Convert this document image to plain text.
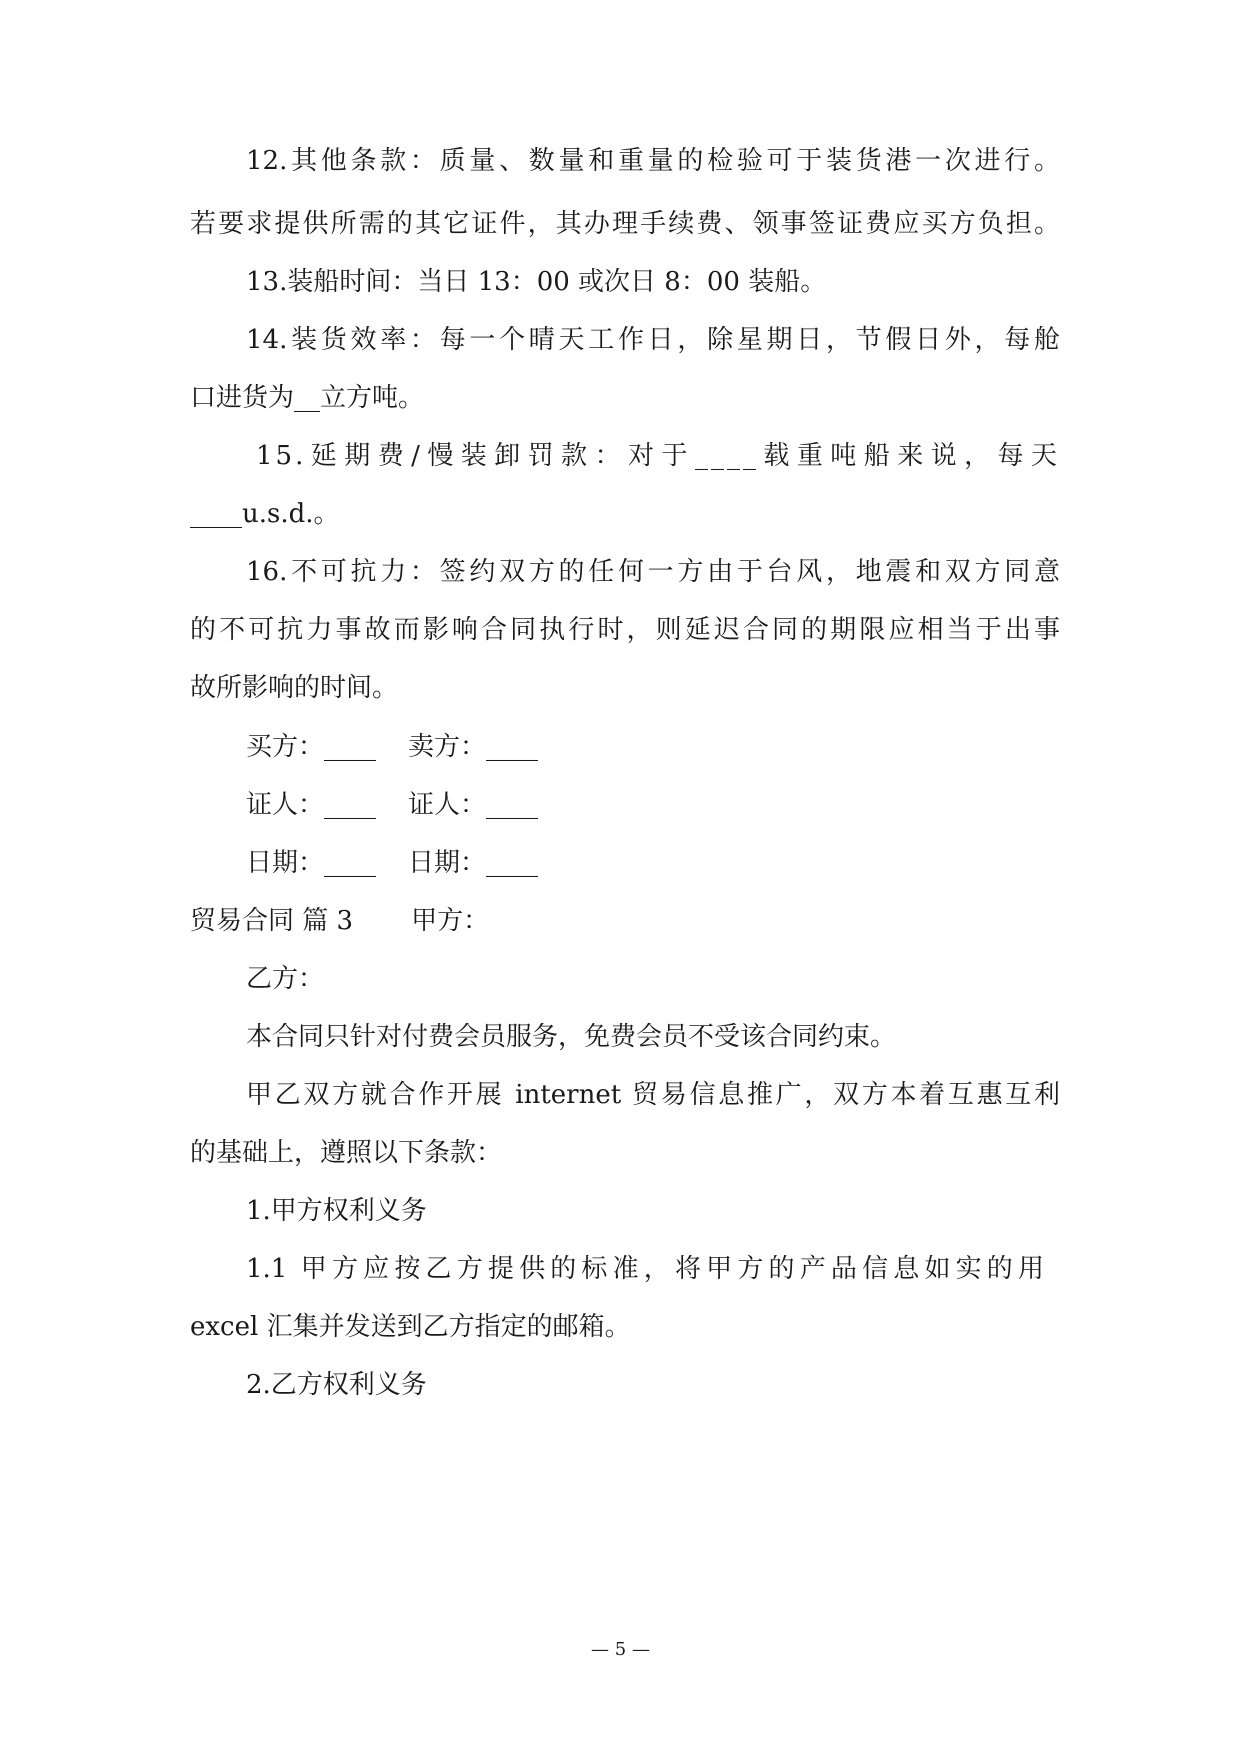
12.其他条款：质量、数量和重量的检验可于装货港一次进行。
若要求提供所需的其它证件，其办理手续费、领事签证费应买方负担。
13.装船时间：当日 13：00 或次日 8：00 装船。
14.装货效率：每一个晴天工作日，除星期日，节假日外，每舱
口进货为__立方吨。
15.延期费/慢装卸罚款：对于____载重吨船来说，每天
____u.s.d.。
16.不可抗力：签约双方的任何一方由于台风，地震和双方同意
的不可抗力事故而影响合同执行时，则延迟合同的期限应相当于出事
故所影响的时间。
买方：____ 卖方：____
证人：____ 证人：____
日期：____ 日期：____
贸易合同 篇 3 甲方：
乙方：
本合同只针对付费会员服务，免费会员不受该合同约束。
甲乙双方就合作开展 internet 贸易信息推广，双方本着互惠互利
的基础上，遵照以下条款：
1.甲方权利义务
1.1 甲方应按乙方提供的标准，将甲方的产品信息如实的用
excel 汇集并发送到乙方指定的邮箱。
2.乙方权利义务
— 5 —
